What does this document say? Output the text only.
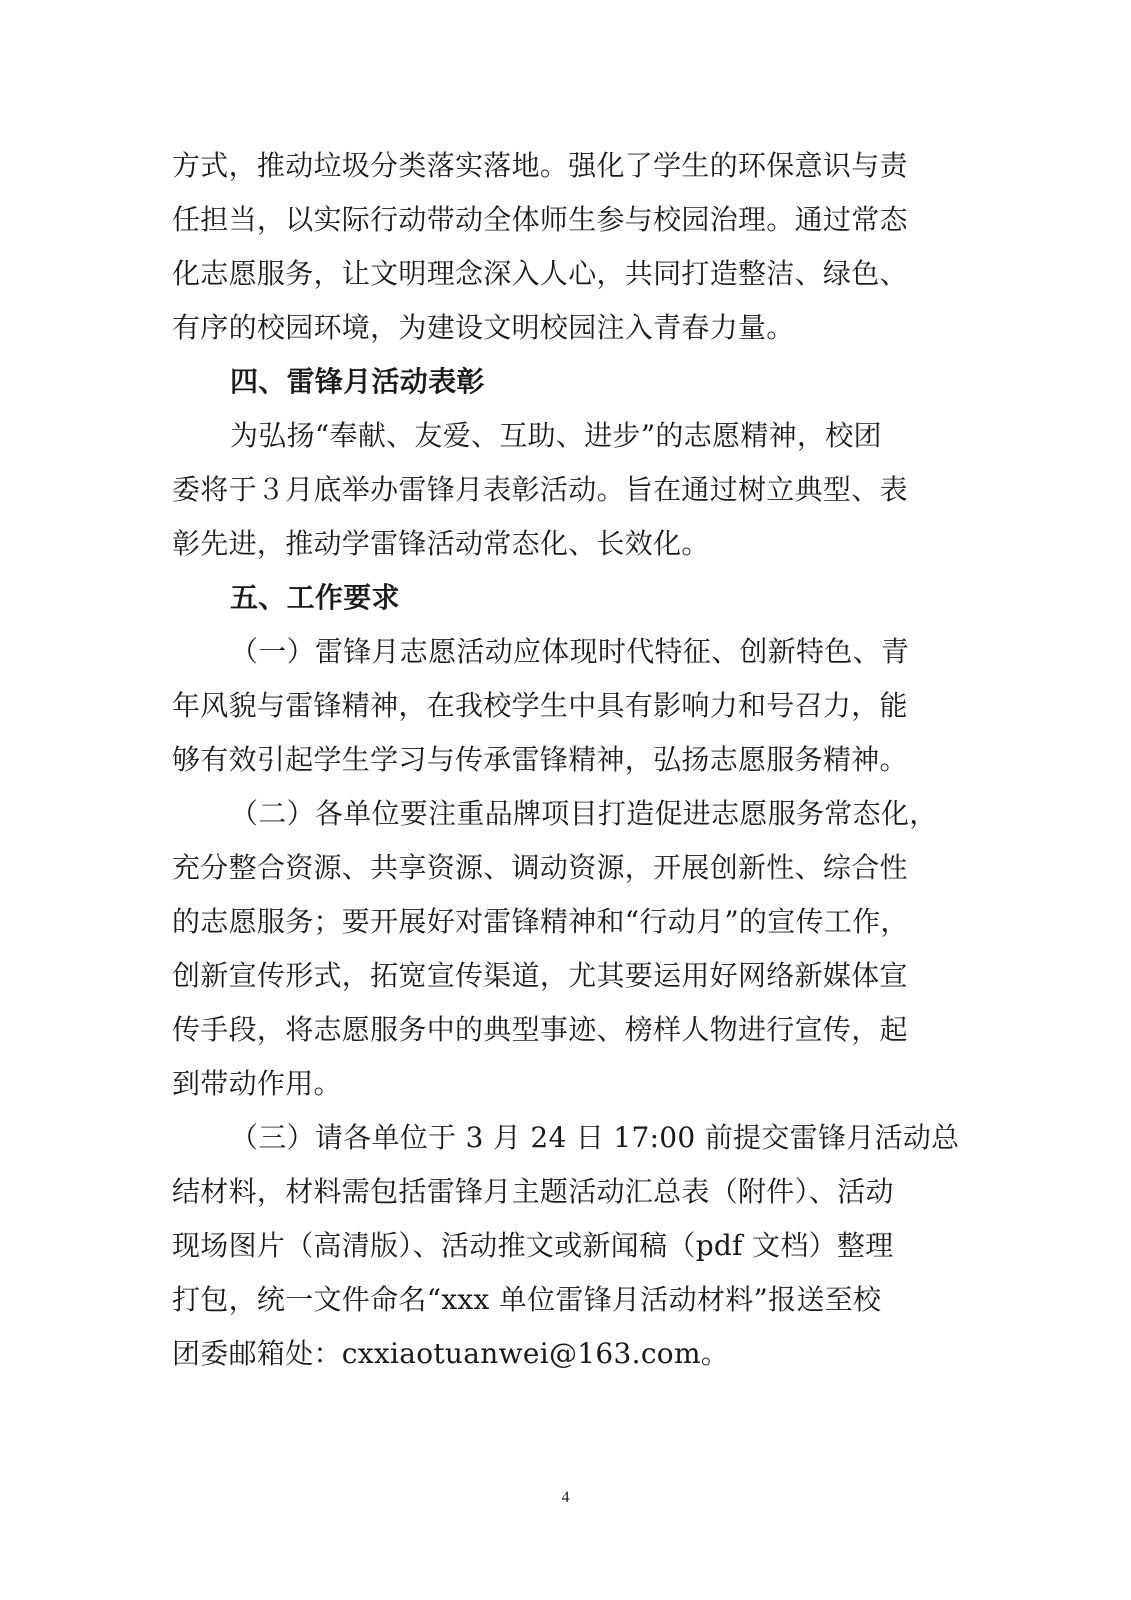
方式，推动垃圾分类落实落地。强化了学生的环保意识与责
任担当，以实际行动带动全体师生参与校园治理。通过常态
化志愿服务，让文明理念深入人心，共同打造整洁、绿色、
有序的校园环境，为建设文明校园注入青春力量。
四、雷锋月活动表彰
为弘扬“奉献、友爱、互助、进步”的志愿精神，校团
委将于３月底举办雷锋月表彰活动。旨在通过树立典型、表
彰先进，推动学雷锋活动常态化、长效化。
五、工作要求
（一）雷锋月志愿活动应体现时代特征、创新特色、青
年风貌与雷锋精神，在我校学生中具有影响力和号召力，能
够有效引起学生学习与传承雷锋精神，弘扬志愿服务精神。
（二）各单位要注重品牌项目打造促进志愿服务常态化，
充分整合资源、共享资源、调动资源，开展创新性、综合性
的志愿服务；要开展好对雷锋精神和“行动月”的宣传工作，
创新宣传形式，拓宽宣传渠道，尤其要运用好网络新媒体宣
传手段，将志愿服务中的典型事迹、榜样人物进行宣传，起
到带动作用。
（三）请各单位于 3 月 24 日 17:00 前提交雷锋月活动总
结材料，材料需包括雷锋月主题活动汇总表（附件）、活动
现场图片（高清版）、活动推文或新闻稿（pdf 文档）整理
打包，统一文件命名“xxx 单位雷锋月活动材料”报送至校
团委邮箱处：cxxiaotuanwei@163.com。
4
